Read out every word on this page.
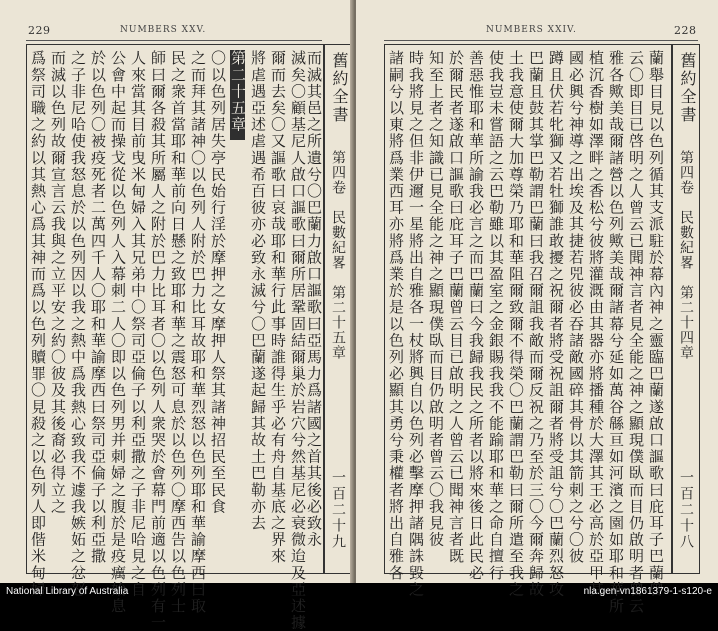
229	NUMBERS XXV.
爲祭司職之約以其熱心爲其神而爲以色列贖罪〇見殺之以色列人即偕米甸婦 而滅以色列故爾宣言云我與之立平安之約〇彼及其後裔必得立之 之子非尼哈使我怒息於以色列因以我之熱中爲我熱心致我不遽我嫉妬之忿怒 於以色列〇被疫死者二萬四千人〇耶和華諭摩西曰祭司亞倫子以利亞撒 公會中起而操戈從以色列人入幕刺二人〇即以色列男并刺婦之腹於是疫癘始息 人來當其目前曳米甸婦入其兄弟中〇祭司亞倫子以利亞撒之子非尼哈見之自 師曰爾各殺其所屬人之附於巴力比耳者〇以色列人衆哭於會幕門前適以色列有一 民之衆首當耶和華前向日懸之致耶和華之震怒可息於以色列〇摩西告以色列士 之而拜其諸神〇以色列人附於巴力比耳故耶和華烈怒以色列耶和華諭摩西曰取 〇以色列居失亭民始行淫於摩押之女摩押人祭其諸神招民至民食 第二十五章 將虐遇亞述虐遇希百彼亦必致永滅兮〇巴蘭遂起歸其故土巴勒亦去 爾而去矣〇又謳歌曰哀哉耶和華行此事時誰得生乎必有舟自基底之界來 滅矣〇顧基尼人啟口謳歌曰爾所居鞏固結爾巢於岩穴兮然基尼必衰微迨及亞述據
而滅其邑之所遺兮〇巴蘭力啟口謳歌曰亞馬力爲諸國之首其後必致永 舊約全書
第四卷　民數紀畧　第二十五章
一百二十九
228
NUMBERS XXIV.
諸嗣兮以東將爲業西耳亦將爲業於是以色列必顯其勇兮秉權者將出自雅各 時我將見之但非伊邇一星將出自雅各一杖將興自以色列必擊摩押諸隅誅毀之 知至上者之知識已見全能之神之顯現僕臥而目仍啟明者曾云〇我見彼 於爾民者遂啟口謳歌曰庇耳子巴蘭曾云目已啟明之人曾云已聞神言者既 善惡惟耶和華所諭我必言之而巴蘭曰今我歸我民之所者以將來後日此民必 使我豈未嘗語之云巴勒雖以其盈室之金銀賜我我不能踰耶和華之命自擅行 土我意使爾大加尊榮乃耶和華阻爾致爾不得榮〇巴蘭謂巴勒曰爾所遣至我之 巴蘭且鼓其掌巴勒謂巴蘭曰我召爾詛我敵而爾反祝之乃至於三〇今爾奔歸故 蹲且伏若牝獅又若牡獅誰敢擾之祝爾者將受祝詛爾者將受詛兮〇巴蘭烈怒攻 國必興兮神導之出埃及其捷若兕彼必吞諸敵國碎其骨以其箭刺之兮〇彼 植沉香樹如澤畔之香松兮彼將灌溉由其器亦將播種於大澤其王必高於亞甲其 雅各歟美哉爾諸營以色列歟美哉爾諸幕兮延如萬谷緜亘如河濱之園如耶和華所 云〇即目已啓明之人曾云已聞神言者見全能之神之顯現僕臥而目仍啟明者曾云 蘭舉目見以色列循其支派駐於幕內神之靈臨巴蘭遂啟口謳歌曰庇耳子巴蘭曾 舊約全書
第四卷　民數紀畧　第二十四章
一百二十八
National Library of Australia	nla.gen-vn1861379-1-s120-e
